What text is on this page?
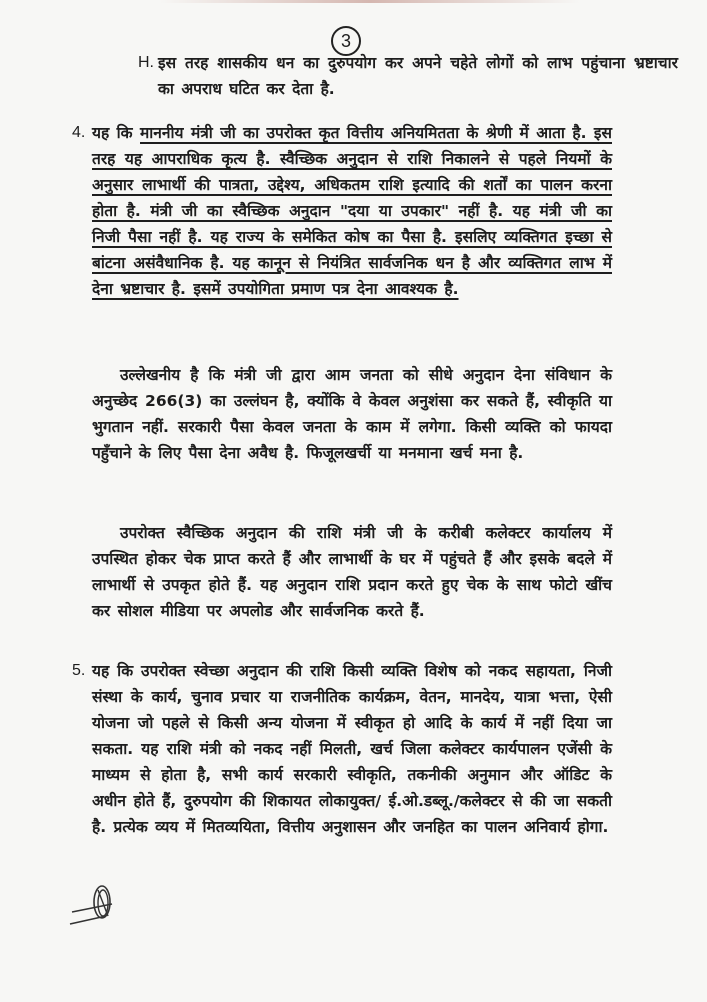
3
H. इस तरह शासकीय धन का दुरुपयोग कर अपने चहेते लोगों को लाभ पहुंचाना भ्रष्टाचार का अपराध घटित कर देता है.
4. यह कि माननीय मंत्री जी का उपरोक्त कृत वित्तीय अनियमितता के श्रेणी में आता है. इस तरह यह आपराधिक कृत्य है. स्वैच्छिक अनुदान से राशि निकालने से पहले नियमों के अनुसार लाभार्थी की पात्रता, उद्देश्य, अधिकतम राशि इत्यादि की शर्तों का पालन करना होता है. मंत्री जी का स्वैच्छिक अनुदान "दया या उपकार" नहीं है. यह मंत्री जी का निजी पैसा नहीं है. यह राज्य के समेकित कोष का पैसा है. इसलिए व्यक्तिगत इच्छा से बांटना असंवैधानिक है. यह कानून से नियंत्रित सार्वजनिक धन है और व्यक्तिगत लाभ में देना भ्रष्टाचार है. इसमें उपयोगिता प्रमाण पत्र देना आवश्यक है.
उल्लेखनीय है कि मंत्री जी द्वारा आम जनता को सीधे अनुदान देना संविधान के अनुच्छेद 266(3) का उल्लंघन है, क्योंकि वे केवल अनुशंसा कर सकते हैं, स्वीकृति या भुगतान नहीं. सरकारी पैसा केवल जनता के काम में लगेगा. किसी व्यक्ति को फायदा पहुँचाने के लिए पैसा देना अवैध है. फिजूलखर्ची या मनमाना खर्च मना है.
उपरोक्त स्वैच्छिक अनुदान की राशि मंत्री जी के करीबी कलेक्टर कार्यालय में उपस्थित होकर चेक प्राप्त करते हैं और लाभार्थी के घर में पहुंचते हैं और इसके बदले में लाभार्थी से उपकृत होते हैं. यह अनुदान राशि प्रदान करते हुए चेक के साथ फोटो खींच कर सोशल मीडिया पर अपलोड और सार्वजनिक करते हैं.
5. यह कि उपरोक्त स्वेच्छा अनुदान की राशि किसी व्यक्ति विशेष को नकद सहायता, निजी संस्था के कार्य, चुनाव प्रचार या राजनीतिक कार्यक्रम, वेतन, मानदेय, यात्रा भत्ता, ऐसी योजना जो पहले से किसी अन्य योजना में स्वीकृत हो आदि के कार्य में नहीं दिया जा सकता. यह राशि मंत्री को नकद नहीं मिलती, खर्च जिला कलेक्टर कार्यपालन एजेंसी के माध्यम से होता है, सभी कार्य सरकारी स्वीकृति, तकनीकी अनुमान और ऑडिट के अधीन होते हैं, दुरुपयोग की शिकायत लोकायुक्त/ ई.ओ.डब्लू./कलेक्टर से की जा सकती है. प्रत्येक व्यय में मितव्ययिता, वित्तीय अनुशासन और जनहित का पालन अनिवार्य होगा.
